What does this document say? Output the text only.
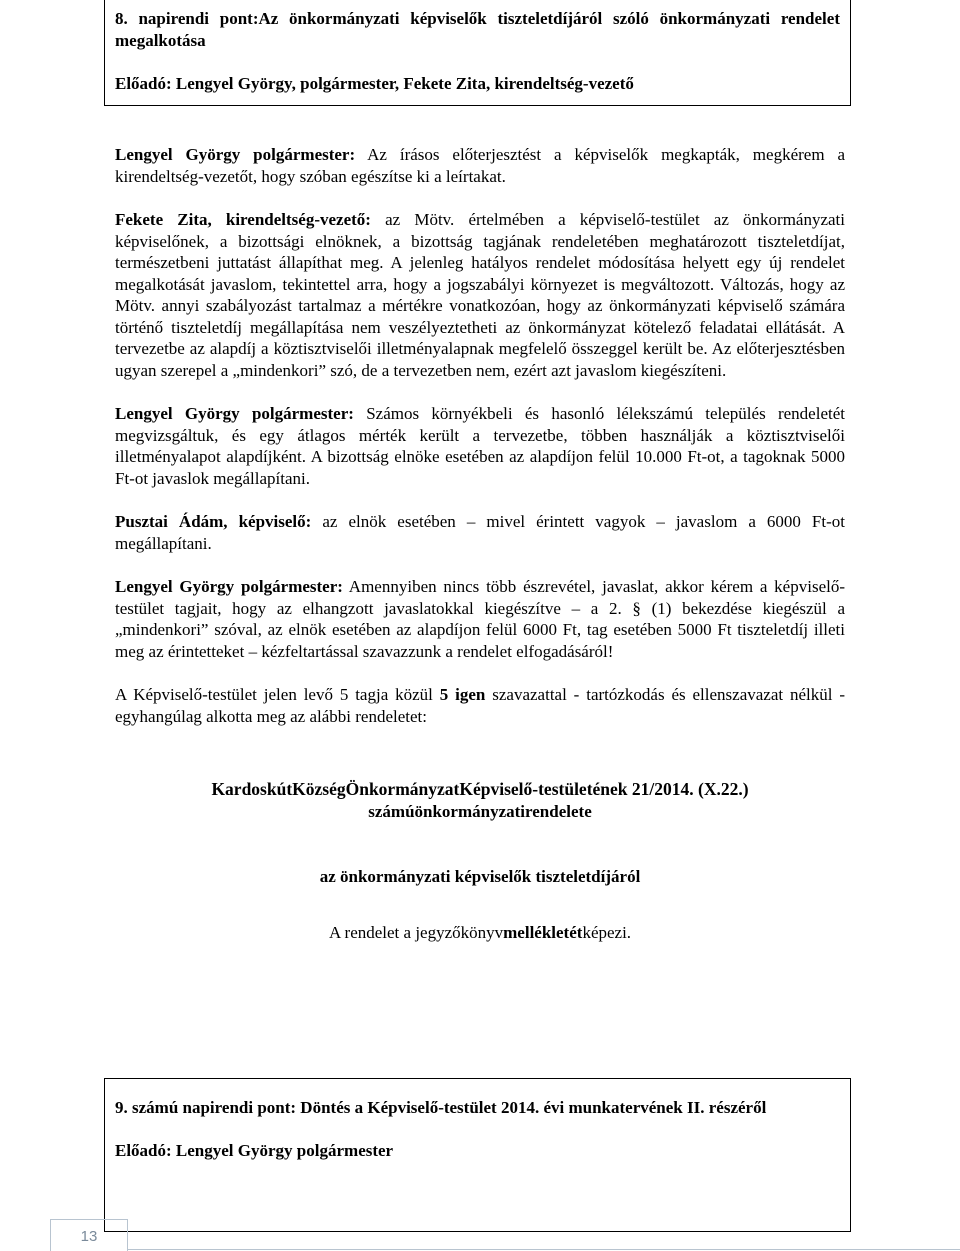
8. napirendi pont:Az önkormányzati képviselők tiszteletdíjáról szóló önkormányzati rendelet megalkotása

Előadó: Lengyel György, polgármester, Fekete Zita, kirendeltség-vezető

Lengyel György polgármester: Az írásos előterjesztést a képviselők megkapták, megkérem a kirendeltség-vezetőt, hogy szóban egészítse ki a leírtakat.

Fekete Zita, kirendeltség-vezető: az Mötv. értelmében a képviselő-testület az önkormányzati képviselőnek, a bizottsági elnöknek, a bizottság tagjának rendeletében meghatározott tiszteletdíjat, természetbeni juttatást állapíthat meg. A jelenleg hatályos rendelet módosítása helyett egy új rendelet megalkotását javaslom, tekintettel arra, hogy a jogszabályi környezet is megváltozott. Változás, hogy az Mötv. annyi szabályozást tartalmaz a mértékre vonatkozóan, hogy az önkormányzati képviselő számára történő tiszteletdíj megállapítása nem veszélyeztetheti az önkormányzat kötelező feladatai ellátását. A tervezetbe az alapdíj a köztisztviselői illetményalapnak megfelelő összeggel került be. Az előterjesztésben ugyan szerepel a „mindenkori” szó, de a tervezetben nem, ezért azt javaslom kiegészíteni.

Lengyel György polgármester: Számos környékbeli és hasonló lélekszámú település rendeletét megvizsgáltuk, és egy átlagos mérték került a tervezetbe, többen használják a köztisztviselői illetményalapot alapdíjként. A bizottság elnöke esetében az alapdíjon felül 10.000 Ft-ot, a tagoknak 5000 Ft-ot javaslok megállapítani.

Pusztai Ádám, képviselő: az elnök esetében – mivel érintett vagyok – javaslom a 6000 Ft-ot megállapítani.

Lengyel György polgármester: Amennyiben nincs több észrevétel, javaslat, akkor kérem a képviselő-testület tagjait, hogy az elhangzott javaslatokkal kiegészítve – a 2. § (1) bekezdése kiegészül a „mindenkori” szóval, az elnök esetében az alapdíjon felül 6000 Ft, tag esetében 5000 Ft tiszteletdíj illeti meg az érintetteket – kézfeltartással szavazzunk a rendelet elfogadásáról!

A Képviselő-testület jelen levő 5 tagja közül 5 igen szavazattal - tartózkodás és ellenszavazat nélkül - egyhangúlag alkotta meg az alábbi rendeletet:

KardoskútKözségÖnkormányzatKépviselő-testületének 21/2014. (X.22.)

számúönkormányzatirendelete

az önkormányzati képviselők tiszteletdíjáról

A rendelet a jegyzőkönyvmellékletétképezi.

9. számú napirendi pont: Döntés a Képviselő-testület 2014. évi munkatervének II. részéről

Előadó: Lengyel György polgármester

13
